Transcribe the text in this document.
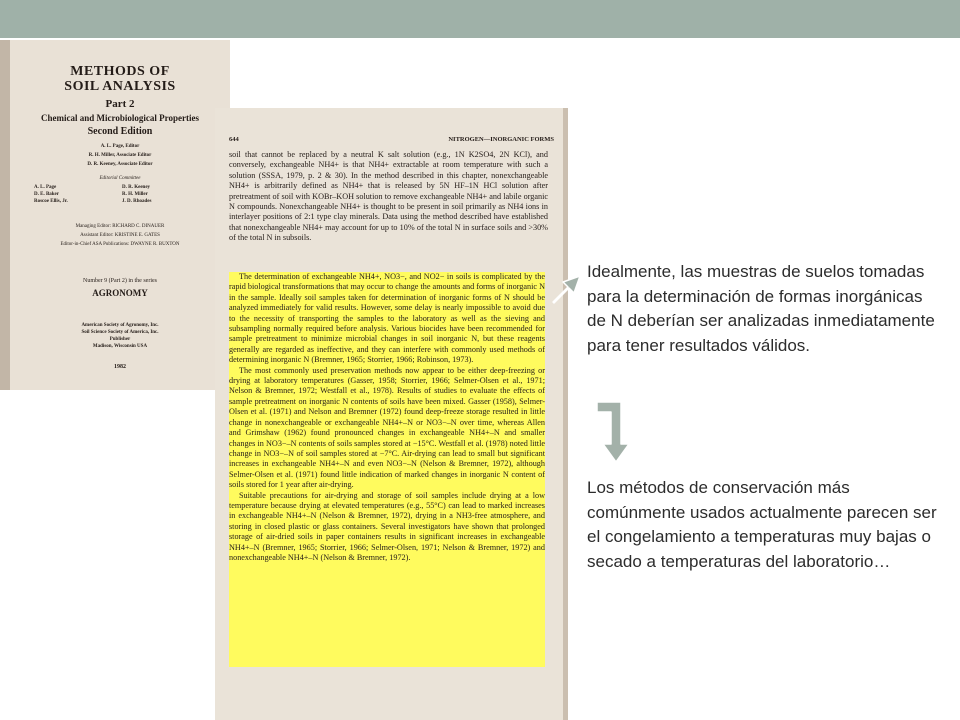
METHODS OF
SOIL ANALYSIS
Part 2
Chemical and Microbiological Properties
Second Edition
A. L. Page, Editor
R. H. Miller, Associate Editor
D. R. Keeney, Associate Editor
Editorial Committee
A. L. Page	D. R. Keeney
D. E. Baker	R. H. Miller
Roscoe Ellis, Jr.	J. D. Rhoades
Managing Editor: RICHARD C. DINAUER
Assistant Editor: KRISTINE E. GATES
Editor-in-Chief ASA Publications: DWAYNE R. BUXTON
Number 9 (Part 2) in the series
AGRONOMY
American Society of Agronomy, Inc.
Soil Science Society of America, Inc.
Publisher
Madison, Wisconsin USA
1982
644	NITROGEN—INORGANIC FORMS

soil that cannot be replaced by a neutral K salt solution (e.g., 1N K2SO4, 2N KCl), and conversely, exchangeable NH4+ is that NH4+ extractable at room temperature with such a solution (SSSA, 1979, p. 2 & 30). In the method described in this chapter, nonexchangeable NH4+ is arbitrarily defined as NH4+ that is released by 5N HF–1N HCl solution after pretreatment of soil with KOBr–KOH solution to remove exchangeable NH4+ and labile organic N compounds. Nonexchangeable NH4+ is thought to be present in soil primarily as NH4 ions in interlayer positions of 2:1 type clay minerals. Data using the method described have established that nonexchangeable NH4+ may account for up to 10% of the total N in surface soils and >30% of the total N in subsoils.

The determination of exchangeable NH4+, NO3−, and NO2− in soils is complicated by the rapid biological transformations that may occur to change the amounts and forms of inorganic N in the sample. Ideally soil samples taken for determination of inorganic forms of N should be analyzed immediately for valid results. However, some delay is nearly impossible to avoid due to the necessity of transporting the samples to the laboratory as well as the sieving and subsampling normally required before analysis. Various biocides have been recommended for sample pretreatment to minimize microbial changes in soil inorganic N, but these reagents generally are regarded as ineffective, and they can interfere with commonly used methods of determining inorganic N (Bremner, 1965; Storrier, 1966; Robinson, 1973).

The most commonly used preservation methods now appear to be either deep-freezing or drying at laboratory temperatures (Gasser, 1958; Storrier, 1966; Selmer-Olsen et al., 1971; Nelson & Bremner, 1972; Westfall et al., 1978). Results of studies to evaluate the effects of sample pretreatment on inorganic N contents of soils have been mixed. Gasser (1958), Selmer-Olsen et al. (1971) and Nelson and Bremner (1972) found deep-freeze storage resulted in little change in nonexchangeable or exchangeable NH4+–N or NO3−–N over time, whereas Allen and Grimshaw (1962) found pronounced changes in exchangeable NH4+–N and smaller changes in NO3−–N contents of soils samples stored at −15°C. Westfall et al. (1978) noted little change in NO3−–N of soil samples stored at −7°C. Air-drying can lead to small but significant increases in exchangeable NH4+–N and even NO3−–N (Nelson & Bremner, 1972), although Selmer-Olsen et al. (1971) found little indication of marked changes in inorganic N content of soils stored for 1 year after air-drying.

Suitable precautions for air-drying and storage of soil samples include drying at a low temperature because drying at elevated temperatures (e.g., 55°C) can lead to marked increases in exchangeable NH4+–N (Nelson & Bremner, 1972), drying in a NH3-free atmosphere, and storing in closed plastic or glass containers. Several investigators have shown that prolonged storage of air-dried soils in paper containers results in significant increases in exchangeable NH4+–N (Bremner, 1965; Storrier, 1966; Selmer-Olsen, 1971; Nelson & Bremner, 1972) and nonexchangeable NH4+–N (Nelson & Bremner, 1972).

Idealmente, las muestras de suelos tomadas para la determinación de formas inorgánicas de N deberían ser analizadas inmediatamente para tener resultados válidos.

Los métodos de conservación más comúnmente usados actualmente parecen ser el congelamiento a temperaturas muy bajas o secado a temperaturas del laboratorio…
